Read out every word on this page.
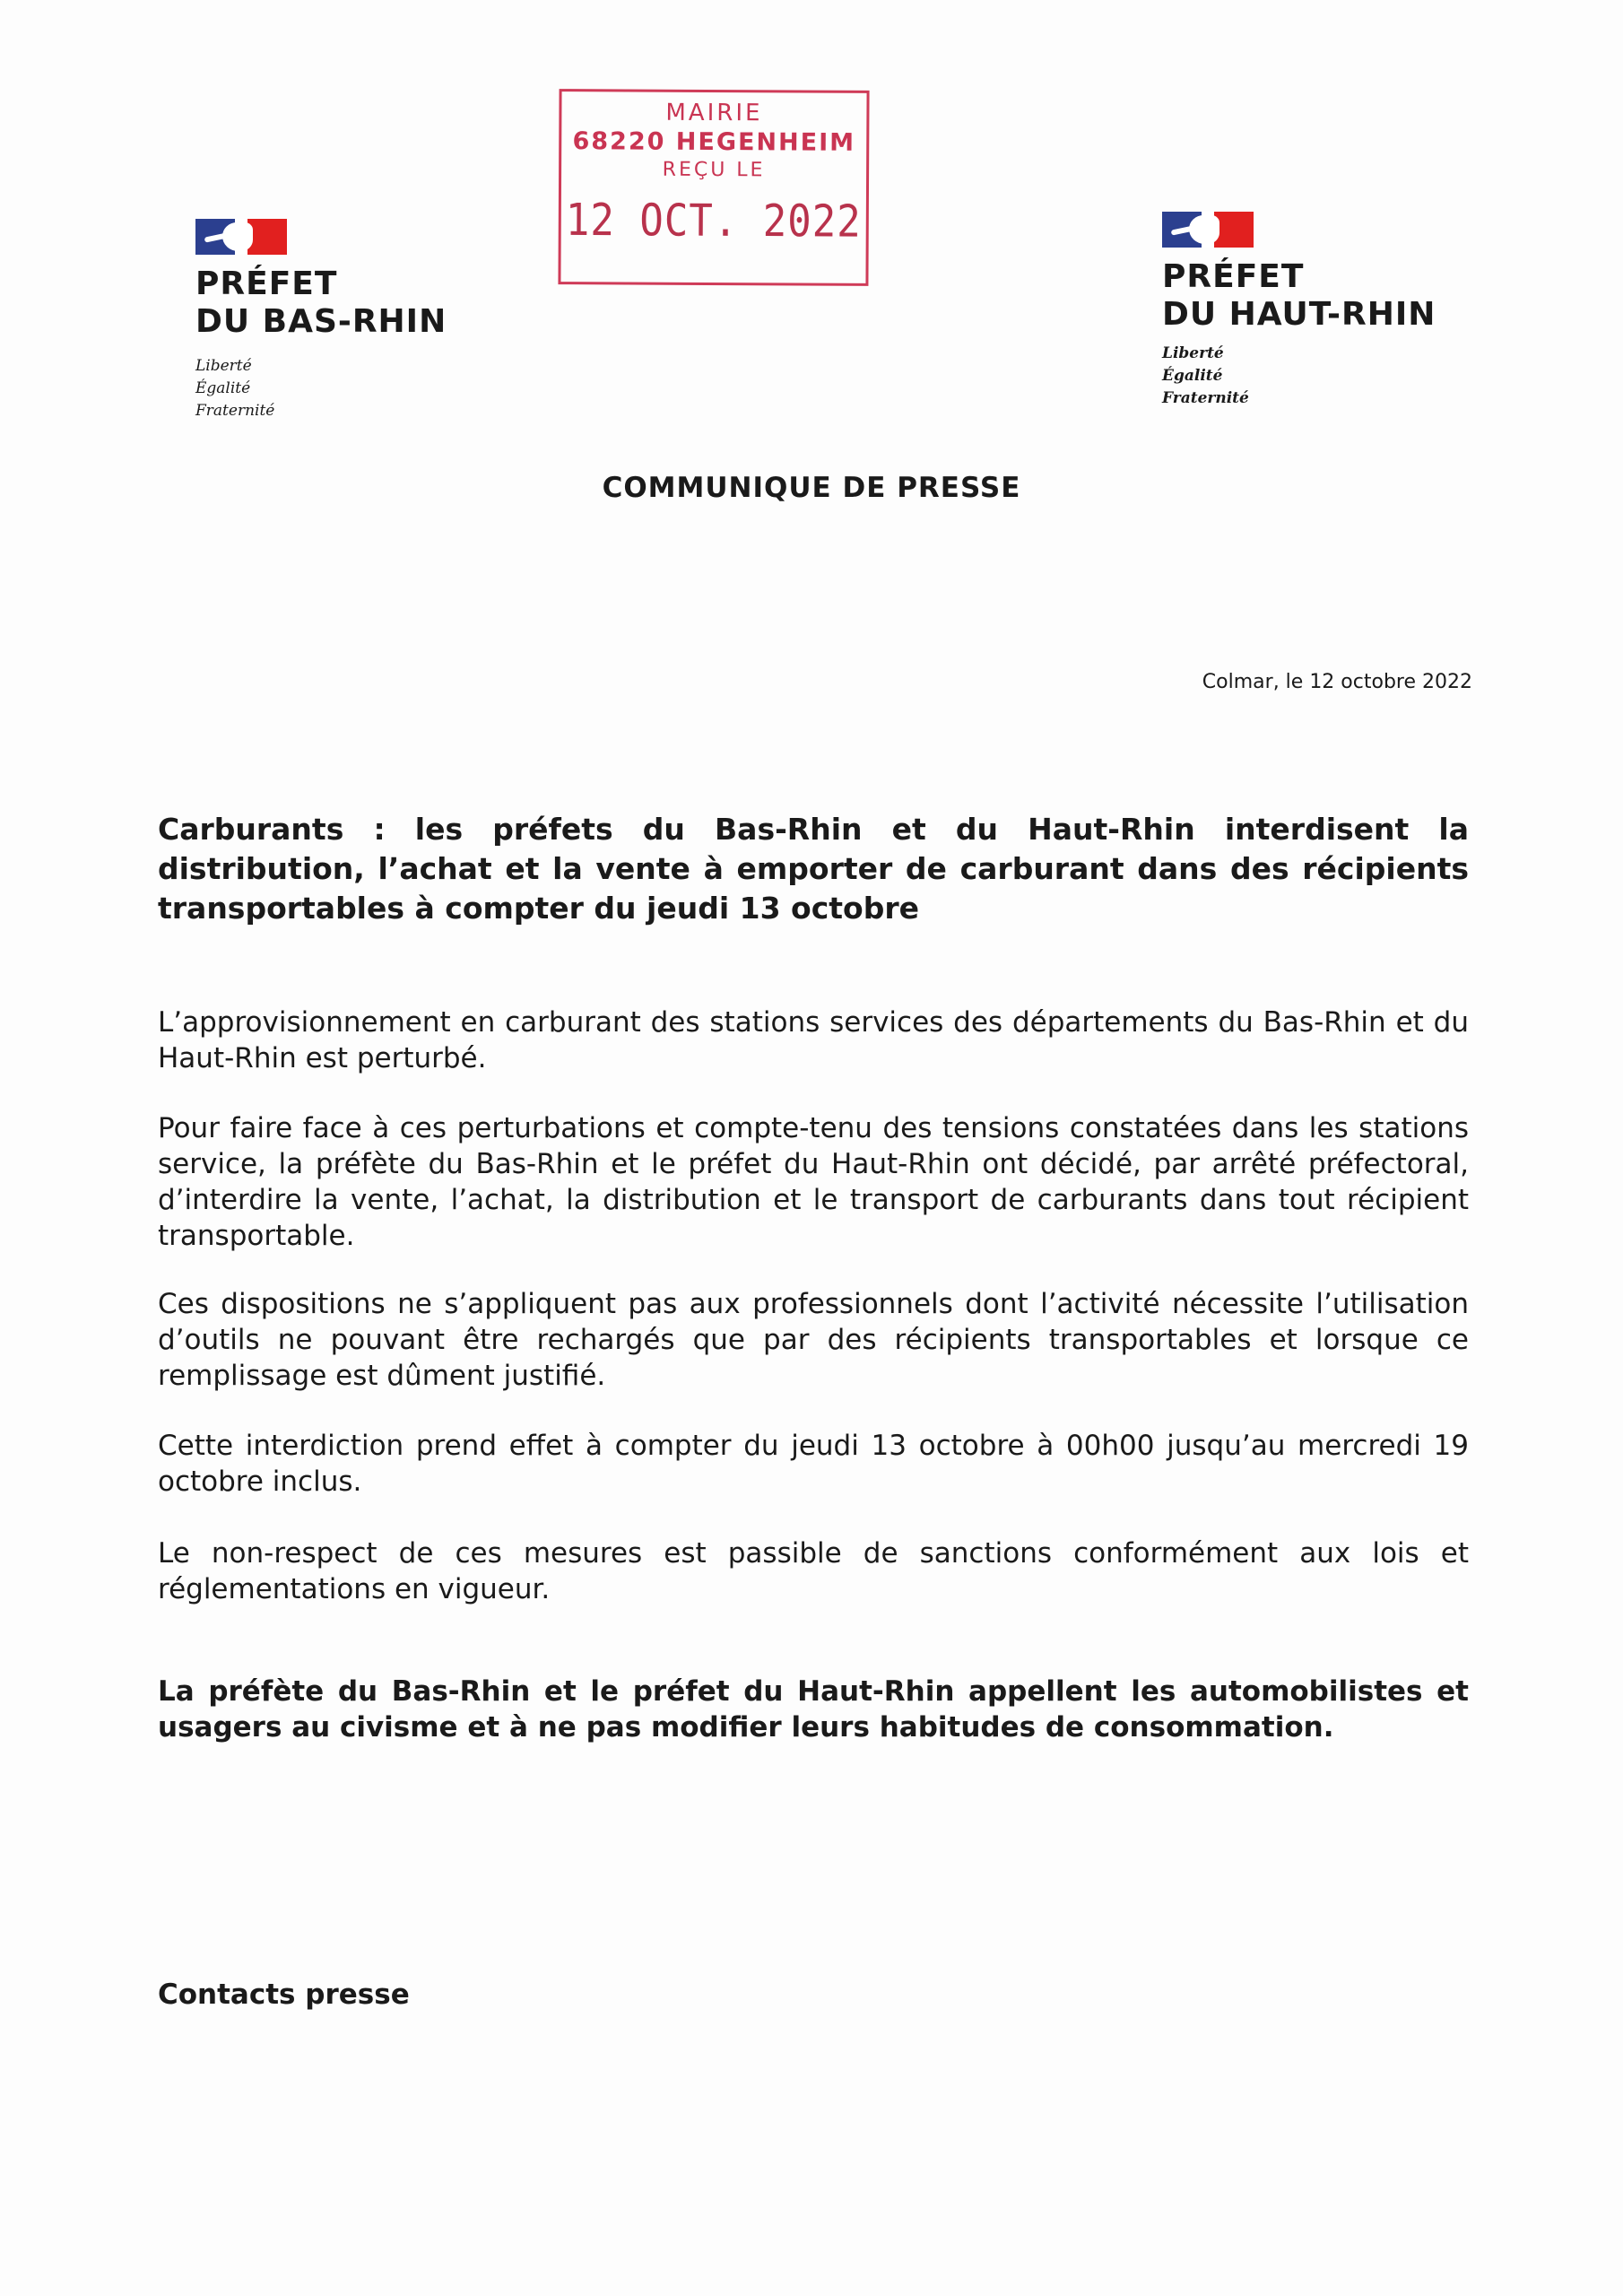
PRÉFET

DU BAS-RHIN

Liberté
Égalité
Fraternité
MAIRIE
68220 HEGENHEIM
REÇU LE
12 OCT. 2022

PRÉFET

DU HAUT-RHIN

Liberté
Égalité
Fraternité
COMMUNIQUE DE PRESSE
Colmar, le 12 octobre 2022
Carburants : les préfets du Bas-Rhin et du Haut-Rhin interdisent la distribution, l’achat et la vente à emporter de carburant dans des récipients transportables à compter du jeudi 13 octobre
L’approvisionnement en carburant des stations services des départements du Bas-Rhin et du Haut-Rhin est perturbé.
Pour faire face à ces perturbations et compte-tenu des tensions constatées dans les stations service, la préfète du Bas-Rhin et le préfet du Haut-Rhin ont décidé, par arrêté préfectoral, d’interdire la vente, l’achat, la distribution et le transport de carburants dans tout récipient transportable.
Ces dispositions ne s’appliquent pas aux professionnels dont l’activité nécessite l’utilisation d’outils ne pouvant être rechargés que par des récipients transportables et lorsque ce remplissage est dûment justifié.
Cette interdiction prend effet à compter du jeudi 13 octobre à 00h00 jusqu’au mercredi 19 octobre inclus.
Le non-respect de ces mesures est passible de sanctions conformément aux lois et réglementations en vigueur.
La préfète du Bas-Rhin et le préfet du Haut-Rhin appellent les automobilistes et usagers au civisme et à ne pas modifier leurs habitudes de consommation.
Contacts presse
